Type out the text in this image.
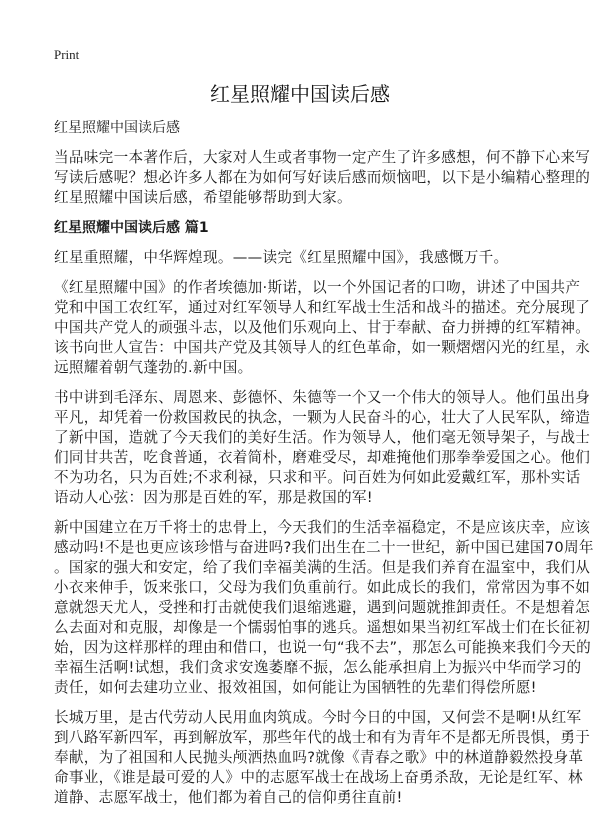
Print
红星照耀中国读后感
红星照耀中国读后感
当品味完一本著作后，大家对人生或者事物一定产生了许多感想，何不静下心来写
写读后感呢？想必许多人都在为如何写好读后感而烦恼吧，以下是小编精心整理的
红星照耀中国读后感，希望能够帮助到大家。
红星照耀中国读后感 篇1
红星重照耀，中华辉煌现。——读完《红星照耀中国》，我感慨万千。
《红星照耀中国》的作者埃德加·斯诺，以一个外国记者的口吻，讲述了中国共产
党和中国工农红军，通过对红军领导人和红军战士生活和战斗的描述。充分展现了
中国共产党人的顽强斗志，以及他们乐观向上、甘于奉献、奋力拼搏的红军精神。
该书向世人宣告：中国共产党及其领导人的红色革命，如一颗熠熠闪光的红星，永
远照耀着朝气蓬勃的.新中国。
书中讲到毛泽东、周恩来、彭德怀、朱德等一个又一个伟大的领导人。他们虽出身
平凡，却凭着一份救国救民的执念，一颗为人民奋斗的心，壮大了人民军队，缔造
了新中国，造就了今天我们的美好生活。作为领导人，他们毫无领导架子，与战士
们同甘共苦，吃食普通，衣着简朴，磨难受尽，却难掩他们那拳拳爱国之心。他们
不为功名，只为百姓;不求利禄，只求和平。问百姓为何如此爱戴红军，那朴实话
语动人心弦：因为那是百姓的军，那是救国的军!
新中国建立在万千将士的忠骨上，今天我们的生活幸福稳定，不是应该庆幸，应该
感动吗!不是也更应该珍惜与奋进吗?我们出生在二十一世纪，新中国已建国70周年
。国家的强大和安定，给了我们幸福美满的生活。但是我们养育在温室中，我们从
小衣来伸手，饭来张口，父母为我们负重前行。如此成长的我们，常常因为事不如
意就怨天尤人，受挫和打击就使我们退缩逃避，遇到问题就推卸责任。不是想着怎
么去面对和克服，却像是一个懦弱怕事的逃兵。遥想如果当初红军战士们在长征初
始，因为这样那样的理由和借口，也说一句“我不去”，那怎么可能换来我们今天的
幸福生活啊!试想，我们贪求安逸萎靡不振，怎么能承担肩上为振兴中华而学习的
责任，如何去建功立业、报效祖国，如何能让为国牺牲的先辈们得偿所愿!
长城万里，是古代劳动人民用血肉筑成。今时今日的中国，又何尝不是啊!从红军
到八路军新四军，再到解放军，那些年代的战士和有为青年不是都无所畏惧，勇于
奉献，为了祖国和人民抛头颅洒热血吗?就像《青春之歌》中的林道静毅然投身革
命事业，《谁是最可爱的人》中的志愿军战士在战场上奋勇杀敌，无论是红军、林
道静、志愿军战士，他们都为着自己的信仰勇往直前!
